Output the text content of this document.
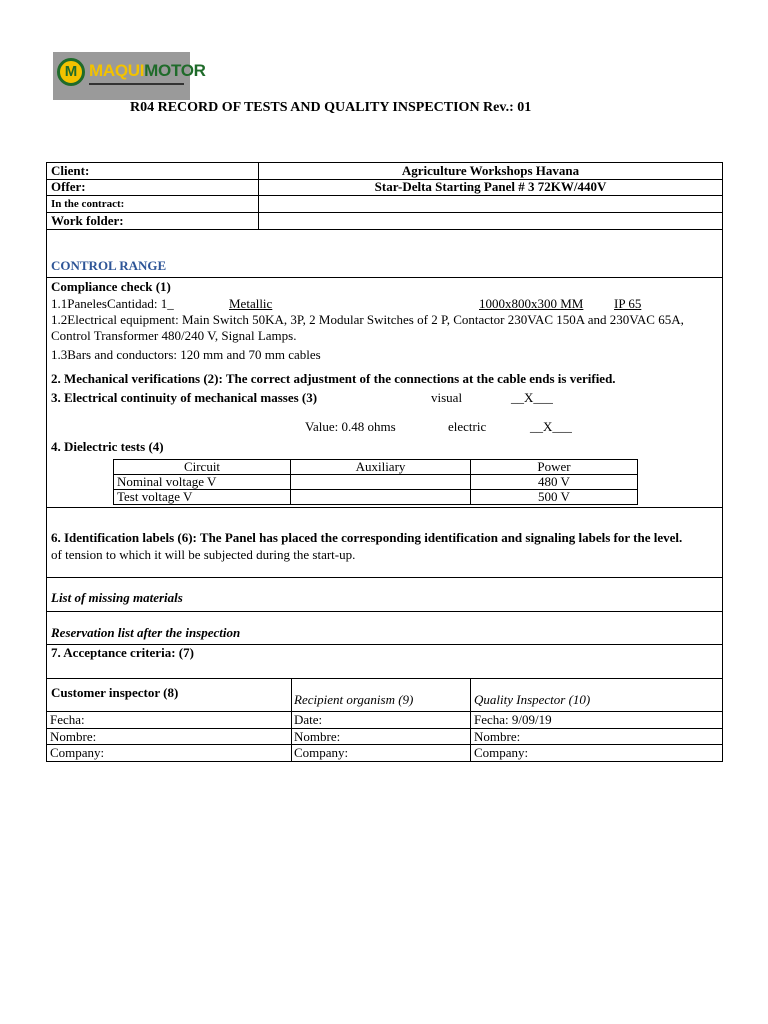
M MAQUIMOTOR
R04 RECORD OF TESTS AND QUALITY INSPECTION Rev.: 01
Client:	Agriculture Workshops Havana
Offer:	Star-Delta Starting Panel # 3 72KW/440V
In the contract:
Work folder:
CONTROL RANGE
Compliance check (1)
1.1PanelesCantidad: 1_	Metallic	1000x800x300 MM IP 65
1.2Electrical equipment: Main Switch 50KA, 3P, 2 Modular Switches of 2 P, Contactor 230VAC 150A and 230VAC 65A,
Control Transformer 480/240 V, Signal Lamps.
1.3Bars and conductors: 120 mm and 70 mm cables
2. Mechanical verifications (2): The correct adjustment of the connections at the cable ends is verified.
3. Electrical continuity of mechanical masses (3)	visual	__X___
Value: 0.48 ohms	electric	__X___
4. Dielectric tests (4)
6. Identification labels (6): The Panel has placed the corresponding identification and signaling labels for the level.
of tension to which it will be subjected during the start-up.
List of missing materials
Reservation list after the inspection
7. Acceptance criteria: (7)
Customer inspector (8)	Recipient organism (9)	Quality Inspector (10)
Fecha:	Date:	Fecha: 9/09/19
Nombre:	Nombre:	Nombre:
Company:	Company:	Company:
Circuit	Auxiliary	Power
Nominal voltage V		480 V
Test voltage V		500 V
